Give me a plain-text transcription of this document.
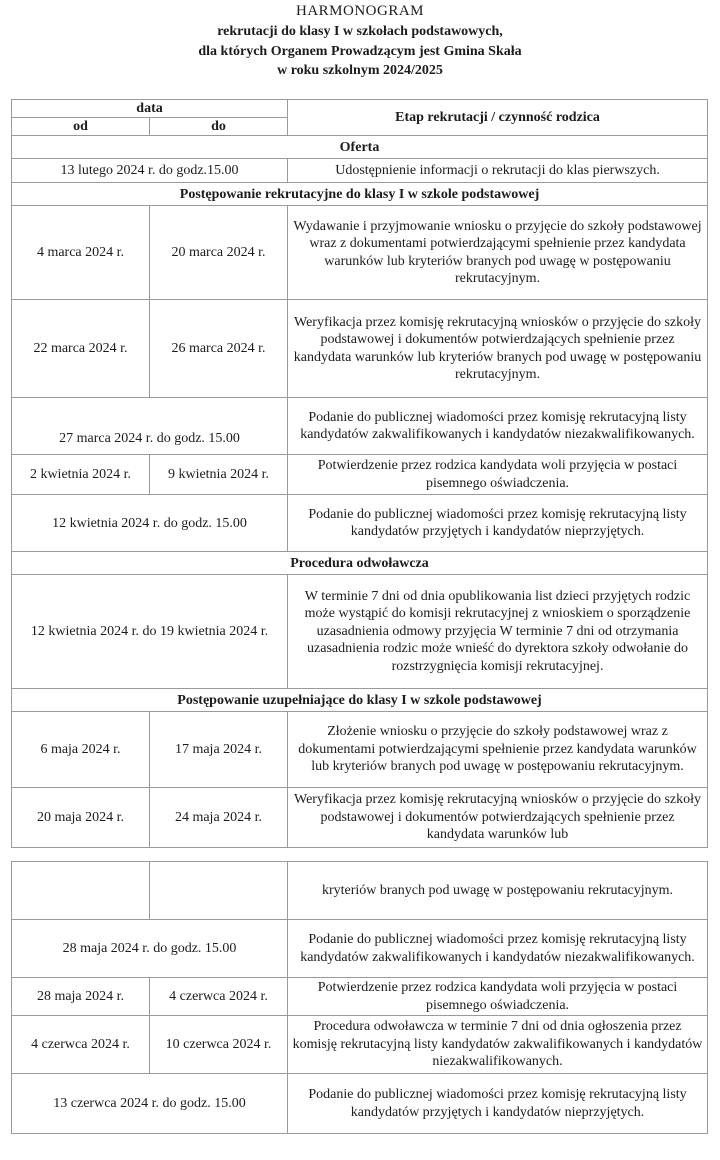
HARMONOGRAM
rekrutacji do klasy I w szkołach podstawowych,
dla których Organem Prowadzącym jest Gmina Skała
w roku szkolnym 2024/2025
data		Etap rekrutacji / czynność rodzica
od	do	
Oferta		
13 lutego 2024 r. do godz.15.00		Udostępnienie informacji o rekrutacji do klas pierwszych.
Postępowanie rekrutacyjne do klasy I w szkole podstawowej		
4 marca 2024 r.	20 marca 2024 r.	Wydawanie i przyjmowanie wniosku o przyjęcie do szkoły podstawowej wraz z dokumentami potwierdzającymi spełnienie przez kandydata warunków lub kryteriów branych pod uwagę w postępowaniu rekrutacyjnym.
22 marca 2024 r.	26 marca 2024 r.	Weryfikacja przez komisję rekrutacyjną wniosków o przyjęcie do szkoły podstawowej i dokumentów potwierdzających spełnienie przez kandydata warunków lub kryteriów branych pod uwagę w postępowaniu rekrutacyjnym.
27 marca 2024 r. do godz. 15.00		Podanie do publicznej wiadomości przez komisję rekrutacyjną listy kandydatów zakwalifikowanych i kandydatów niezakwalifikowanych.
2 kwietnia 2024 r.	9 kwietnia 2024 r.	Potwierdzenie przez rodzica kandydata woli przyjęcia w postaci pisemnego oświadczenia.
12 kwietnia 2024 r. do godz. 15.00		Podanie do publicznej wiadomości przez komisję rekrutacyjną listy kandydatów przyjętych i kandydatów nieprzyjętych.
Procedura odwoławcza		
12 kwietnia 2024 r. do 19 kwietnia 2024 r.		W terminie 7 dni od dnia opublikowania list dzieci przyjętych rodzic może wystąpić do komisji rekrutacyjnej z wnioskiem o sporządzenie uzasadnienia odmowy przyjęcia W terminie 7 dni od otrzymania uzasadnienia rodzic może wnieść do dyrektora szkoły odwołanie do rozstrzygnięcia komisji rekrutacyjnej.
Postępowanie uzupełniające do klasy I w szkole podstawowej		
6 maja 2024 r.	17 maja 2024 r.	Złożenie wniosku o przyjęcie do szkoły podstawowej wraz z dokumentami potwierdzającymi spełnienie przez kandydata warunków lub kryteriów branych pod uwagę w postępowaniu rekrutacyjnym.
20 maja 2024 r.	24 maja 2024 r.	Weryfikacja przez komisję rekrutacyjną wniosków o przyjęcie do szkoły podstawowej i dokumentów potwierdzających spełnienie przez kandydata warunków lub

		kryteriów branych pod uwagę w postępowaniu rekrutacyjnym.
28 maja 2024 r. do godz. 15.00		Podanie do publicznej wiadomości przez komisję rekrutacyjną listy kandydatów zakwalifikowanych i kandydatów niezakwalifikowanych.
28 maja 2024 r.	4 czerwca 2024 r.	Potwierdzenie przez rodzica kandydata woli przyjęcia w postaci pisemnego oświadczenia.
4 czerwca 2024 r.	10 czerwca 2024 r.	Procedura odwoławcza w terminie 7 dni od dnia ogłoszenia przez komisję rekrutacyjną listy kandydatów zakwalifikowanych i kandydatów niezakwalifikowanych.
13 czerwca 2024 r. do godz. 15.00		Podanie do publicznej wiadomości przez komisję rekrutacyjną listy kandydatów przyjętych i kandydatów nieprzyjętych.
